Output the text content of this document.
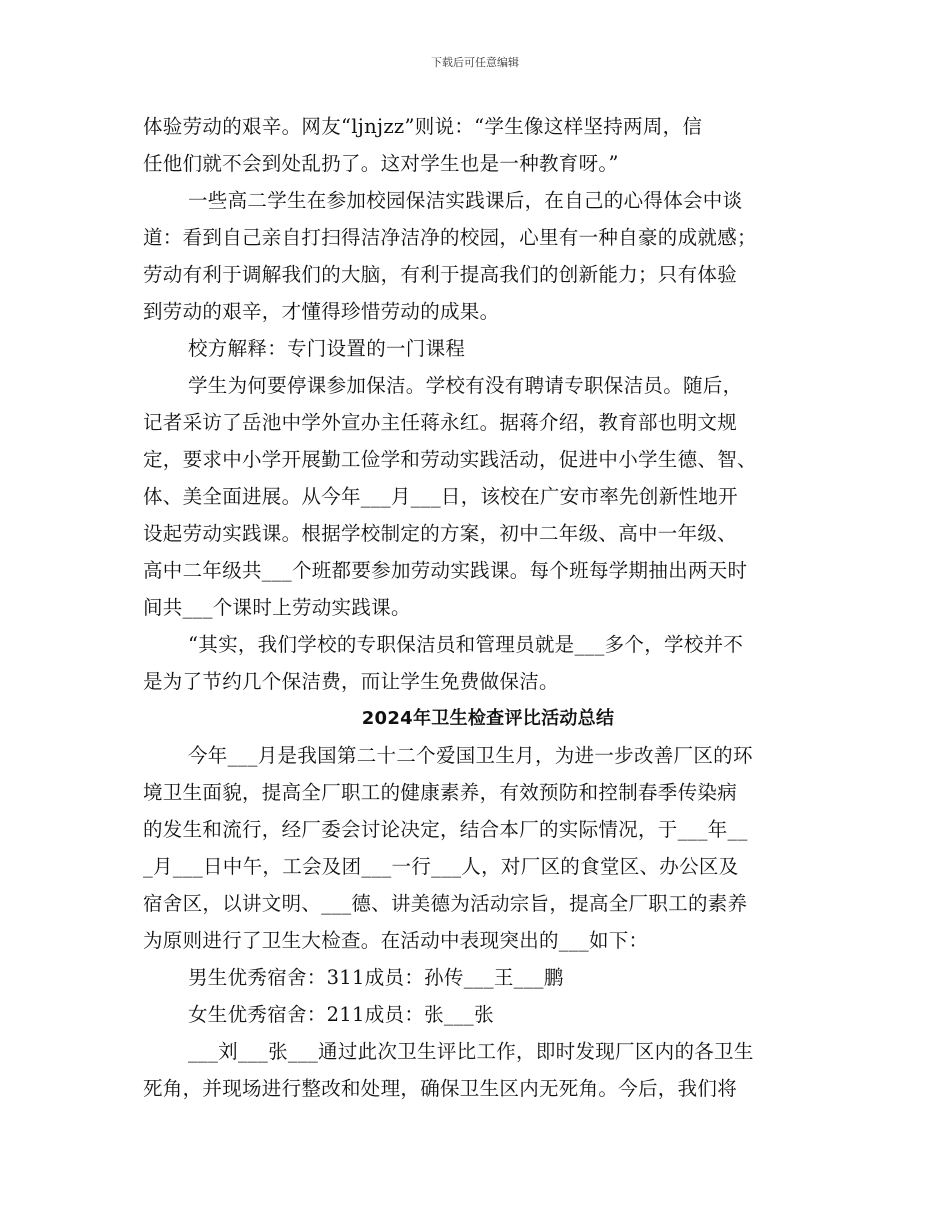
下载后可任意编辑
体验劳动的艰辛。网友“ljnjzz”则说：“学生像这样坚持两周，信
任他们就不会到处乱扔了。这对学生也是一种教育呀。”
一些高二学生在参加校园保洁实践课后，在自己的心得体会中谈
道：看到自己亲自打扫得洁净洁净的校园，心里有一种自豪的成就感；
劳动有利于调解我们的大脑，有利于提高我们的创新能力；只有体验
到劳动的艰辛，才懂得珍惜劳动的成果。
校方解释：专门设置的一门课程
学生为何要停课参加保洁。学校有没有聘请专职保洁员。随后，
记者采访了岳池中学外宣办主任蒋永红。据蒋介绍，教育部也明文规
定，要求中小学开展勤工俭学和劳动实践活动，促进中小学生德、智、
体、美全面进展。从今年___月___日，该校在广安市率先创新性地开
设起劳动实践课。根据学校制定的方案，初中二年级、高中一年级、
高中二年级共___个班都要参加劳动实践课。每个班每学期抽出两天时
间共___个课时上劳动实践课。
“其实，我们学校的专职保洁员和管理员就是___多个，学校并不
是为了节约几个保洁费，而让学生免费做保洁。
2024年卫生检查评比活动总结
今年___月是我国第二十二个爱国卫生月，为进一步改善厂区的环
境卫生面貌，提高全厂职工的健康素养，有效预防和控制春季传染病
的发生和流行，经厂委会讨论决定，结合本厂的实际情况，于___年__
_月___日中午，工会及团___一行___人，对厂区的食堂区、办公区及
宿舍区，以讲文明、___德、讲美德为活动宗旨，提高全厂职工的素养
为原则进行了卫生大检查。在活动中表现突出的___如下：
男生优秀宿舍：311成员：孙传___王___鹏
女生优秀宿舍：211成员：张___张
___刘___张___通过此次卫生评比工作，即时发现厂区内的各卫生
死角，并现场进行整改和处理，确保卫生区内无死角。今后，我们将
